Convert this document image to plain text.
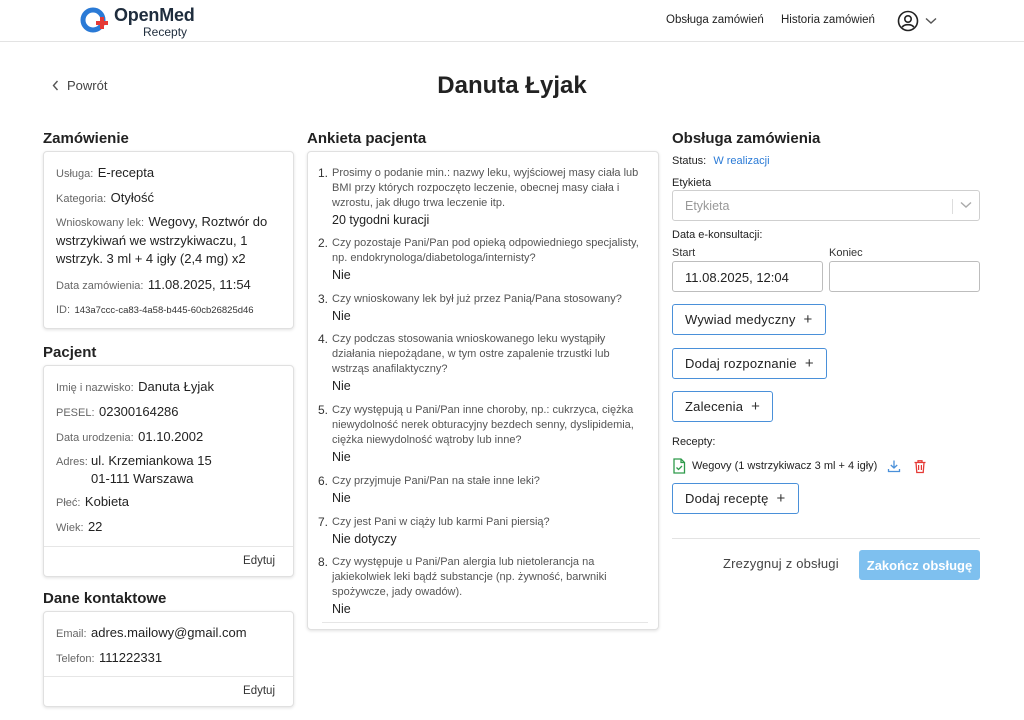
OpenMed
Recepty
Obsługa zamówień Historia zamówień
Danuta Łyjak
Powrót
Zamówienie
Usługa: E-recepta
Kategoria: Otyłość
Wnioskowany lek: Wegovy, Roztwór do wstrzykiwań we wstrzykiwaczu, 1 wstrzyk. 3 ml + 4 igły (2,4 mg) x2
Data zamówienia: 11.08.2025, 11:54
ID: 143a7ccc-ca83-4a58-b445-60cb26825d46
Pacjent
Imię i nazwisko: Danuta Łyjak
PESEL: 02300164286
Data urodzenia: 01.10.2002
Adres: ul. Krzemiankowa 15
01-111 Warszawa
Płeć: Kobieta
Wiek: 22
Edytuj
Dane kontaktowe
Email: adres.mailowy@gmail.com
Telefon: 111222331
Edytuj
Ankieta pacjenta
1. Prosimy o podanie min.: nazwy leku, wyjściowej masy ciała lub BMI przy których rozpoczęto leczenie, obecnej masy ciała i wzrostu, jak długo trwa leczenie itp.
20 tygodni kuracji
2. Czy pozostaje Pani/Pan pod opieką odpowiedniego specjalisty, np. endokrynologa/diabetologa/internisty?
Nie
3. Czy wnioskowany lek był już przez Panią/Pana stosowany?
Nie
4. Czy podczas stosowania wnioskowanego leku wystąpiły działania niepożądane, w tym ostre zapalenie trzustki lub wstrząs anafilaktyczny?
Nie
5. Czy występują u Pani/Pan inne choroby, np.: cukrzyca, ciężka niewydolność nerek obturacyjny bezdech senny, dyslipidemia, ciężka niewydolność wątroby lub inne?
Nie
6. Czy przyjmuje Pani/Pan na stałe inne leki?
Nie
7. Czy jest Pani w ciąży lub karmi Pani piersią?
Nie dotyczy
8. Czy występuje u Pani/Pan alergia lub nietolerancja na jakiekolwiek leki bądź substancje (np. żywność, barwniki spożywcze, jady owadów).
Nie
Obsługa zamówienia
Status: W realizacji
Etykieta
Etykieta
Data e-konsultacji:
Start	Koniec
11.08.2025, 12:04
Wywiad medyczny +
Dodaj rozpoznanie +
Zalecenia +
Recepty:
Wegovy (1 wstrzykiwacz 3 ml + 4 igły)
Dodaj receptę +
Zrezygnuj z obsługi	Zakończ obsługę
